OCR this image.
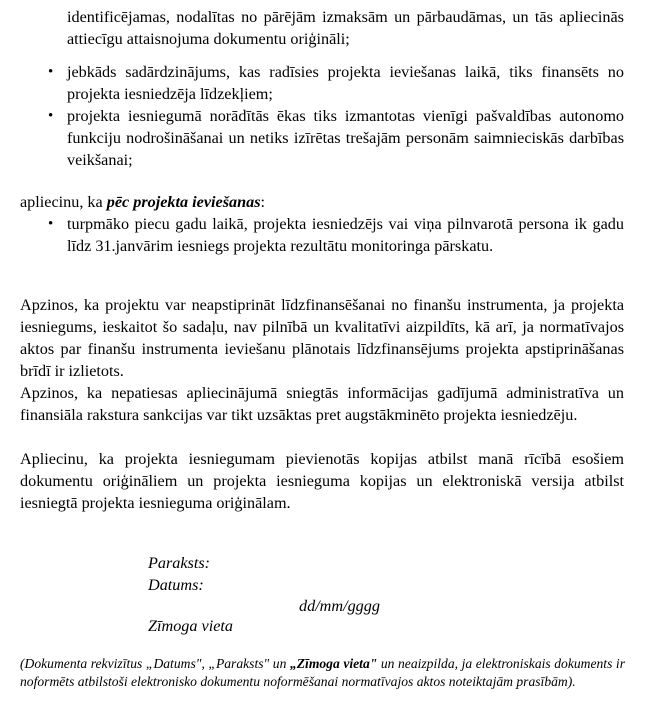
identificējamas, nodalītas no pārējām izmaksām un pārbaudāmas, un tās apliecinās attiecīgu attaisnojuma dokumentu oriģināli;
• jebkāds sadārdzinājums, kas radīsies projekta ieviešanas laikā, tiks finansēts no projekta iesniedzēja līdzekļiem;
• projekta iesniegumā norādītās ēkas tiks izmantotas vienīgi pašvaldības autonomo funkciju nodrošināšanai un netiks izīrētas trešajām personām saimnieciskās darbības veikšanai;
apliecinu, ka pēc projekta ieviešanas:
• turpmāko piecu gadu laikā, projekta iesniedzējs vai viņa pilnvarotā persona ik gadu līdz 31.janvārim iesniegs projekta rezultātu monitoringa pārskatu.
Apzinos, ka projektu var neapstiprināt līdzfinansēšanai no finanšu instrumenta, ja projekta iesniegums, ieskaitot šo sadaļu, nav pilnībā un kvalitatīvi aizpildīts, kā arī, ja normatīvajos aktos par finanšu instrumenta ieviešanu plānotais līdzfinansējums projekta apstiprināšanas brīdī ir izlietots.
Apzinos, ka nepatiesas apliecinājumā sniegtās informācijas gadījumā administratīva un finansiāla rakstura sankcijas var tikt uzsāktas pret augstākminēto projekta iesniedzēju.
Apliecinu, ka projekta iesniegumam pievienotās kopijas atbilst manā rīcībā esošiem dokumentu oriģināliem un projekta iesnieguma kopijas un elektroniskā versija atbilst iesniegtā projekta iesnieguma oriģinālam.
Paraksts:
Datums:
dd/mm/gggg
Zīmoga vieta
(Dokumenta rekvizītus „Datums", „Paraksts" un „Zīmoga vieta" un neaizpilda, ja elektroniskais dokuments ir noformēts atbilstoši elektronisko dokumentu noformēšanai normatīvajos aktos noteiktajām prasībām).
